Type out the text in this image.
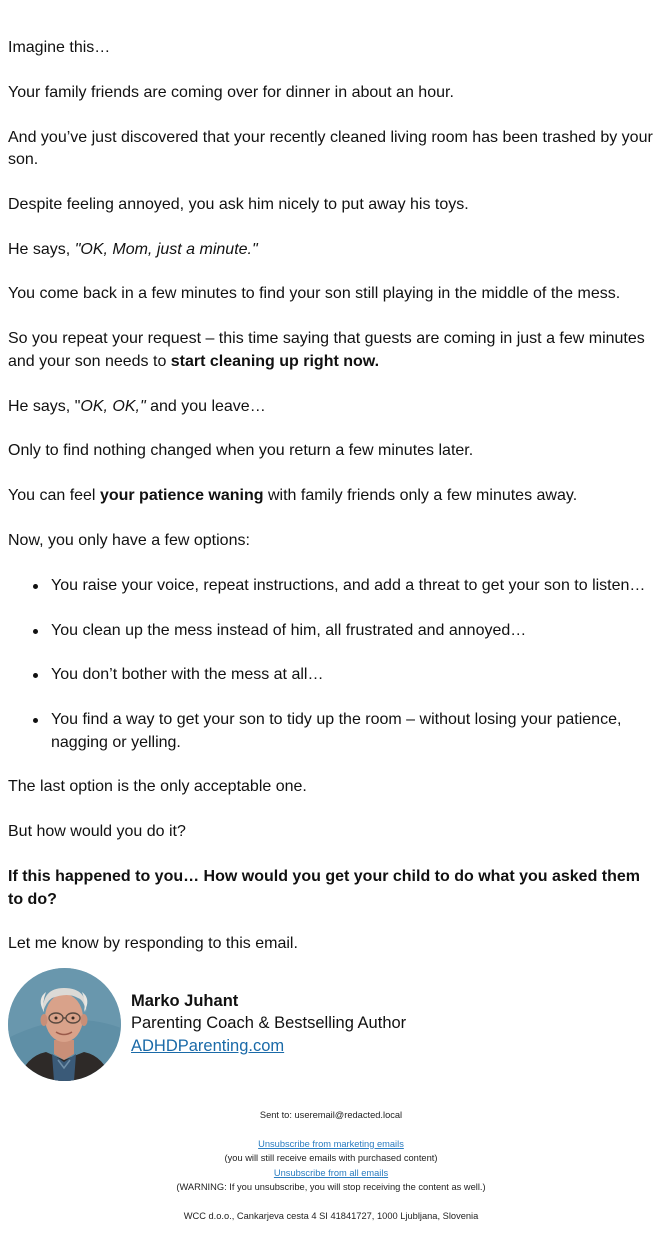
Imagine this…

Your family friends are coming over for dinner in about an hour.

And you’ve just discovered that your recently cleaned living room has been trashed by your son.

Despite feeling annoyed, you ask him nicely to put away his toys.

He says, "OK, Mom, just a minute."

You come back in a few minutes to find your son still playing in the middle of the mess.

So you repeat your request – this time saying that guests are coming in just a few minutes and your son needs to start cleaning up right now.

He says, "OK, OK," and you leave…

Only to find nothing changed when you return a few minutes later.

You can feel your patience waning with family friends only a few minutes away.

Now, you only have a few options:

You raise your voice, repeat instructions, and add a threat to get your son to listen…
You clean up the mess instead of him, all frustrated and annoyed…
You don’t bother with the mess at all…
You find a way to get your son to tidy up the room – without losing your patience, nagging or yelling.

The last option is the only acceptable one.

But how would you do it?

If this happened to you… How would you get your child to do what you asked them to do?

Let me know by responding to this email.

Marko Juhant
Parenting Coach & Bestselling Author
ADHDParenting.com
Sent to: useremail@redacted.local
Unsubscribe from marketing emails
(you will still receive emails with purchased content)
Unsubscribe from all emails
(WARNING: If you unsubscribe, you will stop receiving the content as well.)
WCC d.o.o., Cankarjeva cesta 4 SI 41841727, 1000 Ljubljana, Slovenia
